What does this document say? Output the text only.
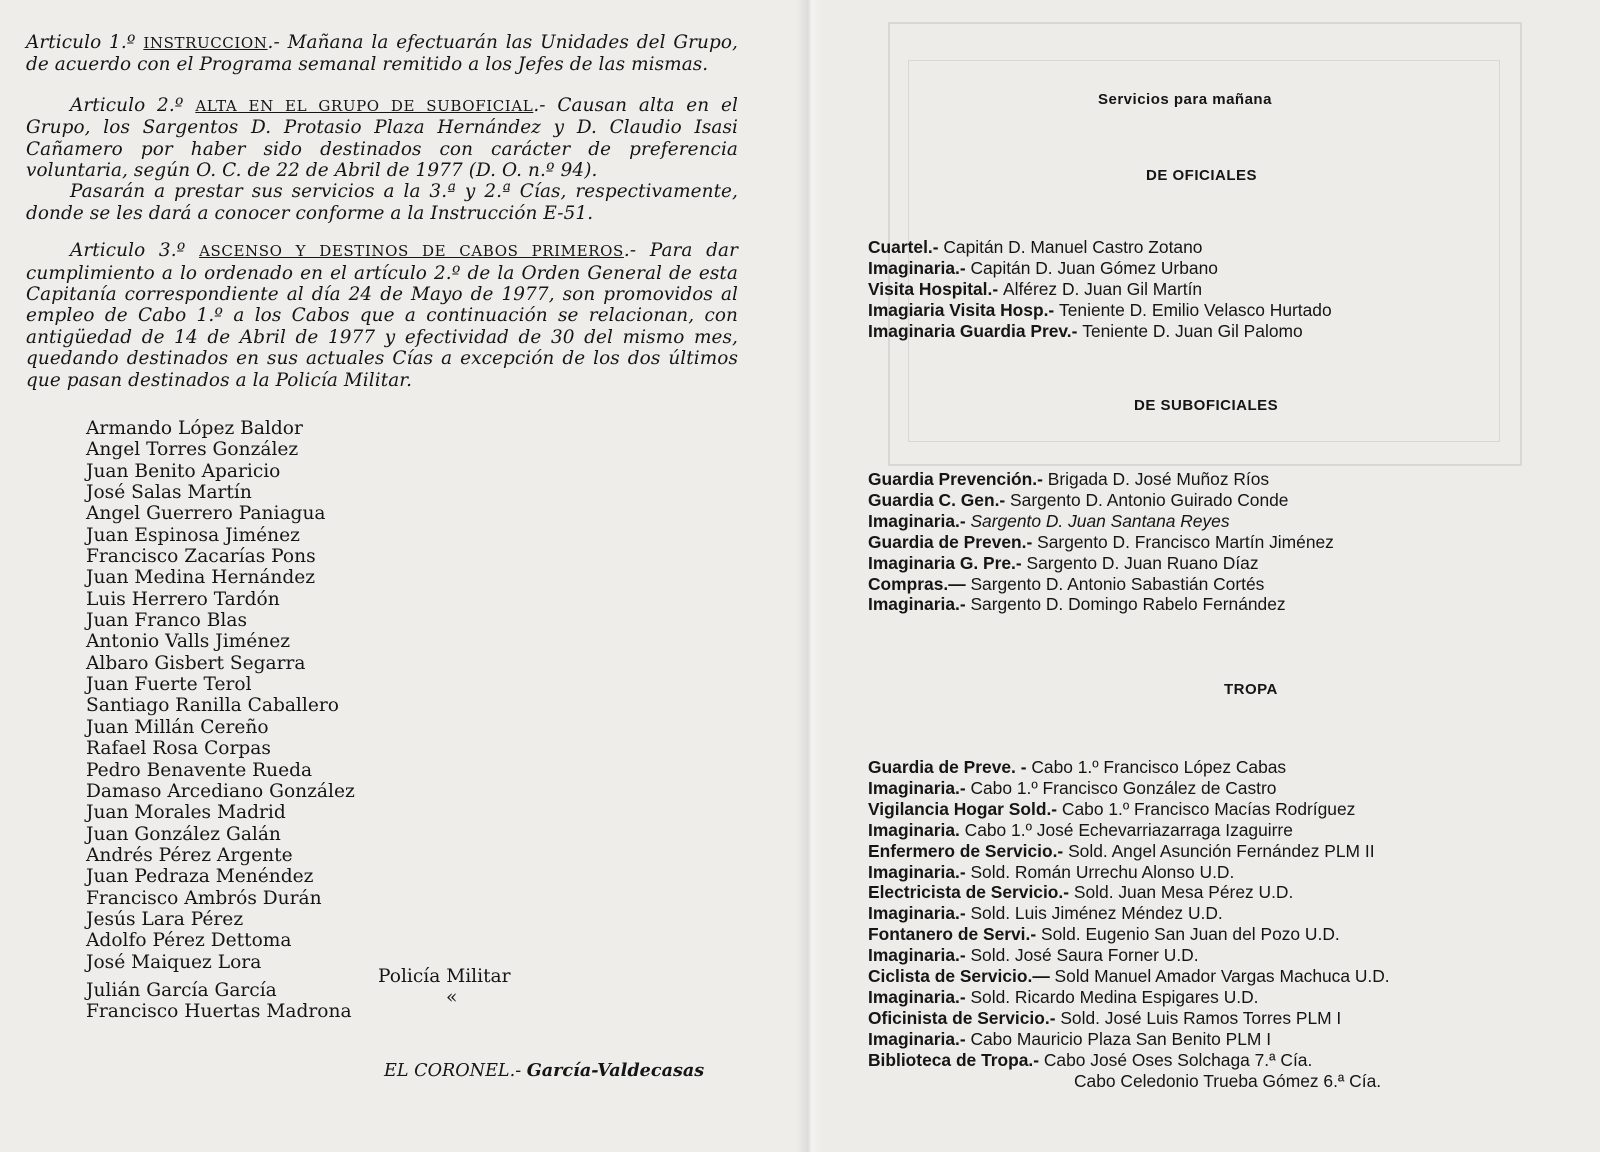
Articulo 1.º INSTRUCCION.- Mañana la efectuarán las Unidades del Grupo, de acuerdo con el Programa semanal remitido a los Jefes de las mismas.

Articulo 2.º ALTA EN EL GRUPO DE SUBOFICIAL.- Causan alta en el Grupo, los Sargentos D. Protasio Plaza Hernández y D. Claudio Isasi Cañamero por haber sido destinados con carácter de preferencia voluntaria, según O. C. de 22 de Abril de 1977 (D. O. n.º 94).

Pasarán a prestar sus servicios a la 3.ª y 2.ª Cías, respectivamente, donde se les dará a conocer conforme a la Instrucción E-51.

Articulo 3.º ASCENSO Y DESTINOS DE CABOS PRIMEROS.- Para dar cumplimiento a lo ordenado en el artículo 2.º de la Orden General de esta Capitanía correspondiente al día 24 de Mayo de 1977, son promovidos al empleo de Cabo 1.º a los Cabos que a continuación se relacionan, con antigüedad de 14 de Abril de 1977 y efectividad de 30 del mismo mes, quedando destinados en sus actuales Cías a excepción de los dos últimos que pasan destinados a la Policía Militar.

Armando López Baldor
Angel Torres González
Juan Benito Aparicio
José Salas Martín
Angel Guerrero Paniagua
Juan Espinosa Jiménez
Francisco Zacarías Pons
Juan Medina Hernández
Luis Herrero Tardón
Juan Franco Blas
Antonio Valls Jiménez
Albaro Gisbert Segarra
Juan Fuerte Terol
Santiago Ranilla Caballero
Juan Millán Cereño
Rafael Rosa Corpas
Pedro Benavente Rueda
Damaso Arcediano González
Juan Morales Madrid
Juan González Galán
Andrés Pérez Argente
Juan Pedraza Menéndez
Francisco Ambrós Durán
Jesús Lara Pérez
Adolfo Pérez Dettoma
José Maiquez Lora
Julián García García
Francisco Huertas Madrona
Policía Militar
«
EL CORONEL.- García-Valdecasas
Servicios para mañana
DE OFICIALES
Cuartel.- Capitán D. Manuel Castro Zotano
Imaginaria.- Capitán D. Juan Gómez Urbano
Visita Hospital.- Alférez D. Juan Gil Martín
Imagiaria Visita Hosp.- Teniente D. Emilio Velasco Hurtado
Imaginaria Guardia Prev.- Teniente D. Juan Gil Palomo
DE SUBOFICIALES
Guardia Prevención.- Brigada D. José Muñoz Ríos
Guardia C. Gen.- Sargento D. Antonio Guirado Conde
Imaginaria.- Sargento D. Juan Santana Reyes
Guardia de Preven.- Sargento D. Francisco Martín Jiménez
Imaginaria G. Pre.- Sargento D. Juan Ruano Díaz
Compras.— Sargento D. Antonio Sabastián Cortés
Imaginaria.- Sargento D. Domingo Rabelo Fernández
TROPA
Guardia de Preve. - Cabo 1.º Francisco López Cabas
Imaginaria.- Cabo 1.º Francisco González de Castro
Vigilancia Hogar Sold.- Cabo 1.º Francisco Macías Rodríguez
Imaginaria. Cabo 1.º José Echevarriazarraga Izaguirre
Enfermero de Servicio.- Sold. Angel Asunción Fernández PLM II
Imaginaria.- Sold. Román Urrechu Alonso U.D.
Electricista de Servicio.- Sold. Juan Mesa Pérez U.D.
Imaginaria.- Sold. Luis Jiménez Méndez U.D.
Fontanero de Servi.- Sold. Eugenio San Juan del Pozo U.D.
Imaginaria.- Sold. José Saura Forner U.D.
Ciclista de Servicio.— Sold Manuel Amador Vargas Machuca U.D.
Imaginaria.- Sold. Ricardo Medina Espigares U.D.
Oficinista de Servicio.- Sold. José Luis Ramos Torres PLM I
Imaginaria.- Cabo Mauricio Plaza San Benito PLM I
Biblioteca de Tropa.- Cabo José Oses Solchaga 7.ª Cía.
Cabo Celedonio Trueba Gómez 6.ª Cía.
